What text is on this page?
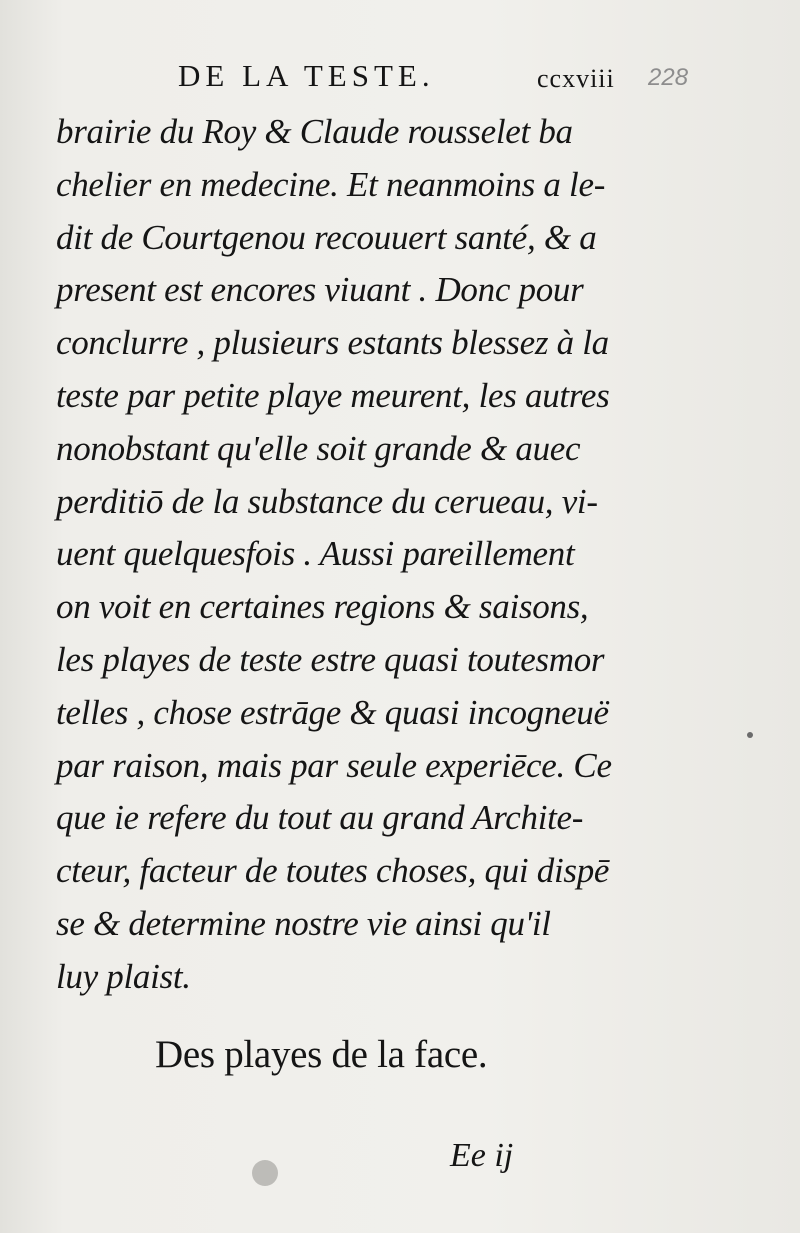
DE LA TESTE.	ccxviii 228
brairie du Roy & Claude rousselet ba
chelier en medecine. Et neanmoins a le-
dit de Courtgenou recouuert santé, & a
present est encores viuant . Donc pour
conclurre , plusieurs estants blessez à la
teste par petite playe meurent, les autres
nonobstant qu'elle soit grande & auec
perditiō de la substance du cerueau, vi-
uent quelquesfois . Aussi pareillement
on voit en certaines regions & saisons,
les playes de teste estre quasi toutesmor
telles , chose estrāge & quasi incogneuë
par raison, mais par seule experiēce. Ce
que ie refere du tout au grand Archite-
cteur, facteur de toutes choses, qui dispē
se & determine nostre vie ainsi qu'il
luy plaist.
Des playes de la face.
Ee ij
